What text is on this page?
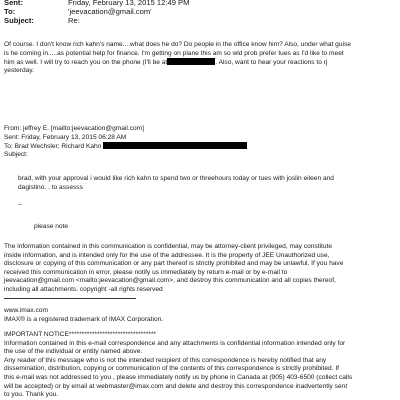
Sent:	Friday, February 13, 2015 12:49 PM
To:	'jeevacation@gmail.com'
Subject:	Re:
Of course. I don't know rich kahn's name....what does he do? Do people in the office know him? Also, under what guise
is he coming in.....as potential help for finance. I'm getting on plane this am so wld prob prefer tues as I'd like to meet
him as well. I will try to reach you on the phone (I'll be at	. Also, want to hear your reactions to rj
yesterday.
From: jeffrey E. [mailto:jeevacation@gmail.com]
Sent: Friday, February 13, 2015 06:28 AM
To: Brad Wechsler; Richard Kahn
Subject:
brad, with your approval i would like rich kahn to spend two or threehours today or tues with joslin eileen and
dagistino. . to assesss
--
please note
The information contained in this communication is confidential, may be attorney-client privileged, may constitute
inside information, and is intended only for the use of the addressee. It is the property of JEE Unauthorized use,
disclosure or copying of this communication or any part thereof is strictly prohibited and may be unlawful. If you have
received this communication in error, please notify us immediately by return e-mail or by e-mail to
jeevacation@gmail.com <mailto:jeevacation@gmail.com>, and destroy this communication and all copies thereof,
including all attachments. copyright -all rights reserved
www.imax.com
IMAX® is a registered trademark of IMAX Corporation.
IMPORTANT NOTICE**********************************
Information contained in this e-mail correspondence and any attachments is confidential information intended only for
the use of the individual or entity named above.
Any reader of this message who is not the intended recipient of this correspondence is hereby notified that any
dissemination, distribution, copying or communication of the contents of this correspondence is strictly prohibited. If
this e-mail was not addressed to you , please immediately notify us by phone in Canada at (905) 403-6500 (collect calls
will be accepted) or by email at webmaster@imax.com and delete and destroy this correspondence inadvertently sent
to you. Thank you.
